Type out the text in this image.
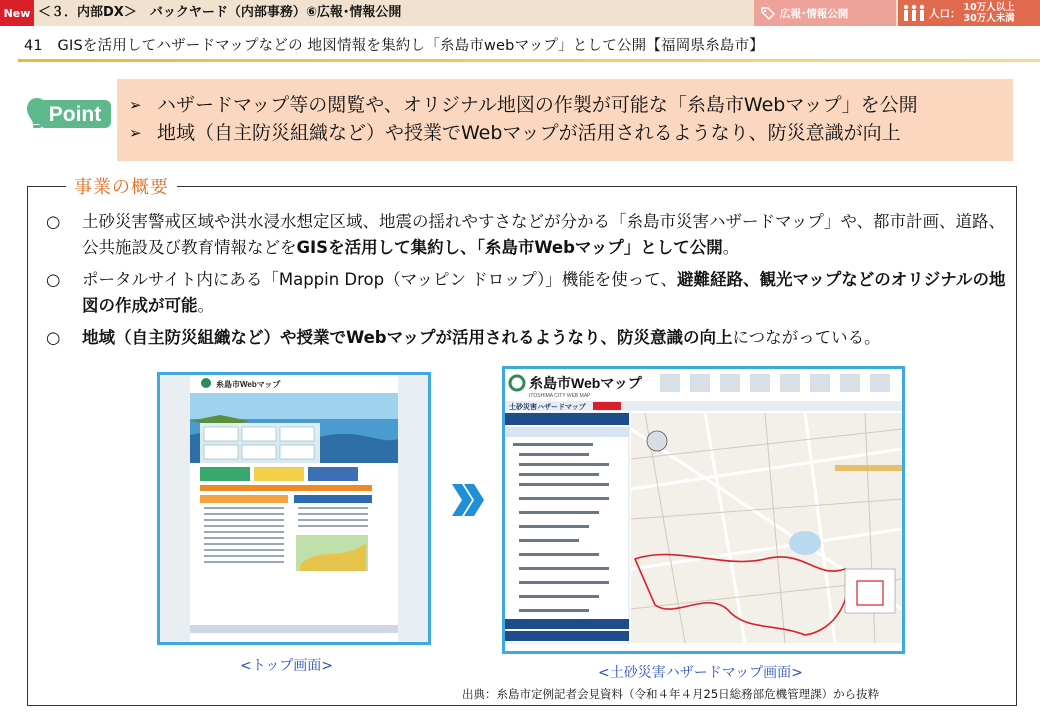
New ＜３．内部DX＞　バックヤード（内部事務）⑥広報･情報公開	広報･情報公開	人口： 10万人以上
30万人未満
41　GISを活用してハザードマップなどの 地図情報を集約し「糸島市webマップ」として公開【福岡県糸島市】
Point ➢ ハザードマップ等の閲覧や、オリジナル地図の作製が可能な「糸島市Webマップ」を公開
➢ 地域（自主防災組織など）や授業でWebマップが活用されるようなり、防災意識が向上
事業の概要
○ 土砂災害警戒区域や洪水浸水想定区域、地震の揺れやすさなどが分かる「糸島市災害ハザードマップ」や、都市計画、道路、公共施設及び教育情報などをGISを活用して集約し、「糸島市Webマップ」として公開。
○ ポータルサイト内にある「Mappin Drop（マッピン ドロップ）」機能を使って、避難経路、観光マップなどのオリジナルの地図の作成が可能。
○ 地域（自主防災組織など）や授業でWebマップが活用されるようなり、防災意識の向上につながっている。
糸島市Webマップ
<トップ画面>
糸島市Webマップ
ITOSHIMA CITY WEB MAP
土砂災害ハザードマップ
<土砂災害ハザードマップ画面>
出典：糸島市定例記者会見資料（令和４年４月25日総務部危機管理課）から抜粋
